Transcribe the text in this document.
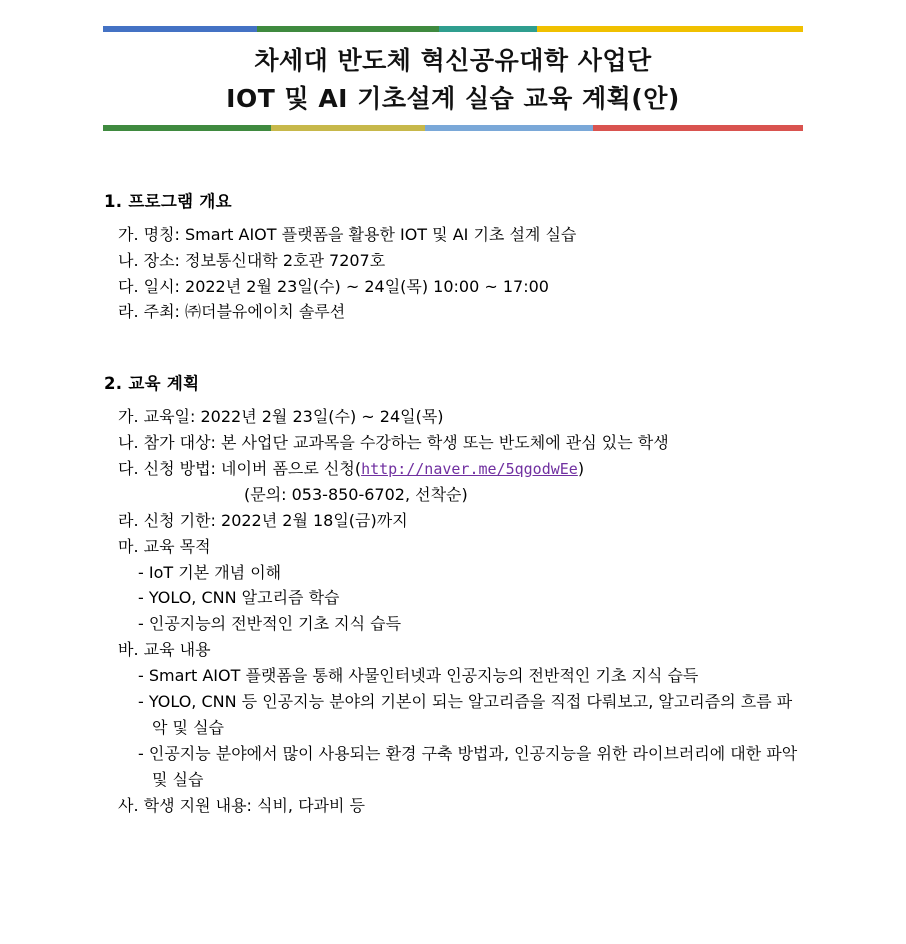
차세대 반도체 혁신공유대학 사업단
IOT 및 AI 기초설계 실습 교육 계획(안)
1. 프로그램 개요
가. 명칭: Smart AIOT 플랫폼을 활용한 IOT 및 AI 기초 설계 실습
나. 장소: 정보통신대학 2호관 7207호
다. 일시: 2022년 2월 23일(수) ~ 24일(목) 10:00 ~ 17:00
라. 주최: ㈜더블유에이치 솔루션
2. 교육 계획
가. 교육일: 2022년 2월 23일(수) ~ 24일(목)
나. 참가 대상: 본 사업단 교과목을 수강하는 학생 또는 반도체에 관심 있는 학생
다. 신청 방법: 네이버 폼으로 신청(http://naver.me/5qgodwEe)
(문의: 053-850-6702, 선착순)
라. 신청 기한: 2022년 2월 18일(금)까지
마. 교육 목적
- IoT 기본 개념 이해
- YOLO, CNN 알고리즘 학습
- 인공지능의 전반적인 기초 지식 습득
바. 교육 내용
- Smart AIOT 플랫폼을 통해 사물인터넷과 인공지능의 전반적인 기초 지식 습득
- YOLO, CNN 등 인공지능 분야의 기본이 되는 알고리즘을 직접 다뤄보고, 알고리즘의 흐름 파악 및 실습
- 인공지능 분야에서 많이 사용되는 환경 구축 방법과, 인공지능을 위한 라이브러리에 대한 파악 및 실습
사. 학생 지원 내용: 식비, 다과비 등
